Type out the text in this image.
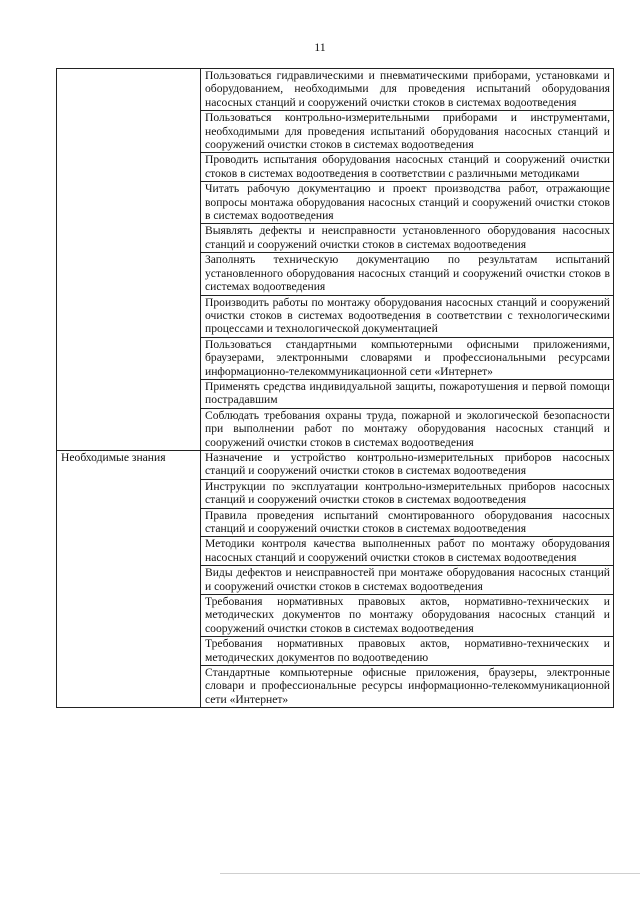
11
	Пользоваться гидравлическими и пневматическими приборами, установками и оборудованием, необходимыми для проведения испытаний оборудования насосных станций и сооружений очистки стоков в системах водоотведения
	Пользоваться контрольно-измерительными приборами и инструментами, необходимыми для проведения испытаний оборудования насосных станций и сооружений очистки стоков в системах водоотведения
	Проводить испытания оборудования насосных станций и сооружений очистки стоков в системах водоотведения в соответствии с различными методиками
	Читать рабочую документацию и проект производства работ, отражающие вопросы монтажа оборудования насосных станций и сооружений очистки стоков в системах водоотведения
	Выявлять дефекты и неисправности установленного оборудования насосных станций и сооружений очистки стоков в системах водоотведения
	Заполнять техническую документацию по результатам испытаний установленного оборудования насосных станций и сооружений очистки стоков в системах водоотведения
	Производить работы по монтажу оборудования насосных станций и сооружений очистки стоков в системах водоотведения в соответствии с технологическими процессами и технологической документацией
	Пользоваться стандартными компьютерными офисными приложениями, браузерами, электронными словарями и профессиональными ресурсами информационно-телекоммуникационной сети «Интернет»
	Применять средства индивидуальной защиты, пожаротушения и первой помощи пострадавшим
	Соблюдать требования охраны труда, пожарной и экологической безопасности при выполнении работ по монтажу оборудования насосных станций и сооружений очистки стоков в системах водоотведения
Необходимые знания	Назначение и устройство контрольно-измерительных приборов насосных станций и сооружений очистки стоков в системах водоотведения
	Инструкции по эксплуатации контрольно-измерительных приборов насосных станций и сооружений очистки стоков в системах водоотведения
	Правила проведения испытаний смонтированного оборудования насосных станций и сооружений очистки стоков в системах водоотведения
	Методики контроля качества выполненных работ по монтажу оборудования насосных станций и сооружений очистки стоков в системах водоотведения
	Виды дефектов и неисправностей при монтаже оборудования насосных станций и сооружений очистки стоков в системах водоотведения
	Требования нормативных правовых актов, нормативно-технических и методических документов по монтажу оборудования насосных станций и сооружений очистки стоков в системах водоотведения
	Требования нормативных правовых актов, нормативно-технических и методических документов по водоотведению
	Стандартные компьютерные офисные приложения, браузеры, электронные словари и профессиональные ресурсы информационно-телекоммуникационной сети «Интернет»
